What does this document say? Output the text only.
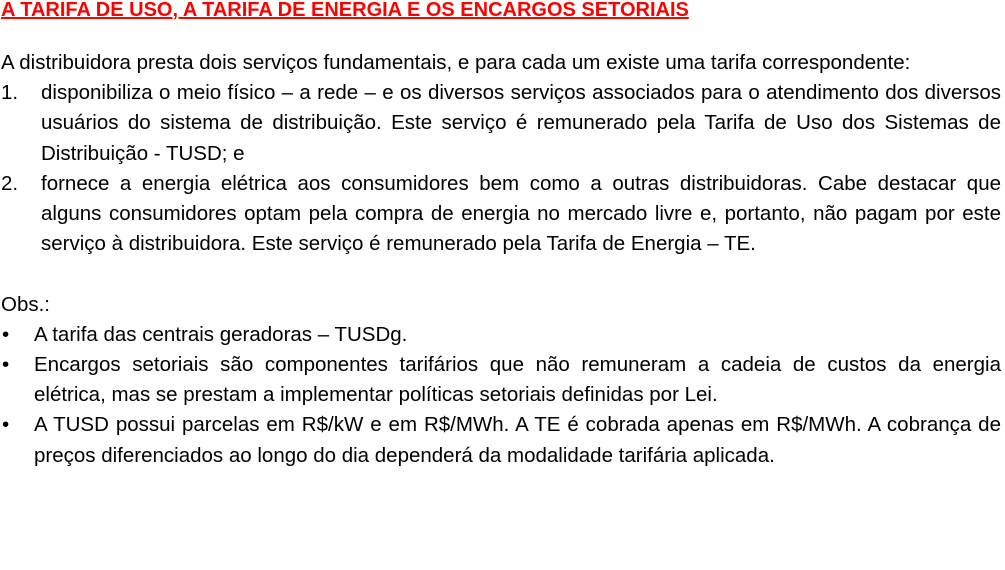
A TARIFA DE USO, A TARIFA DE ENERGIA E OS ENCARGOS SETORIAIS

A distribuidora presta dois serviços fundamentais, e para cada um existe uma tarifa correspondente:

1. disponibiliza o meio físico – a rede – e os diversos serviços associados para o atendimento dos diversos usuários do sistema de distribuição. Este serviço é remunerado pela Tarifa de Uso dos Sistemas de Distribuição - TUSD; e
2. fornece a energia elétrica aos consumidores bem como a outras distribuidoras. Cabe destacar que alguns consumidores optam pela compra de energia no mercado livre e, portanto, não pagam por este serviço à distribuidora. Este serviço é remunerado pela Tarifa de Energia – TE.
Obs.:
• A tarifa das centrais geradoras – TUSDg.
• Encargos setoriais são componentes tarifários que não remuneram a cadeia de custos da energia elétrica, mas se prestam a implementar políticas setoriais definidas por Lei.
• A TUSD possui parcelas em R$/kW e em R$/MWh. A TE é cobrada apenas em R$/MWh. A cobrança de preços diferenciados ao longo do dia dependerá da modalidade tarifária aplicada.
